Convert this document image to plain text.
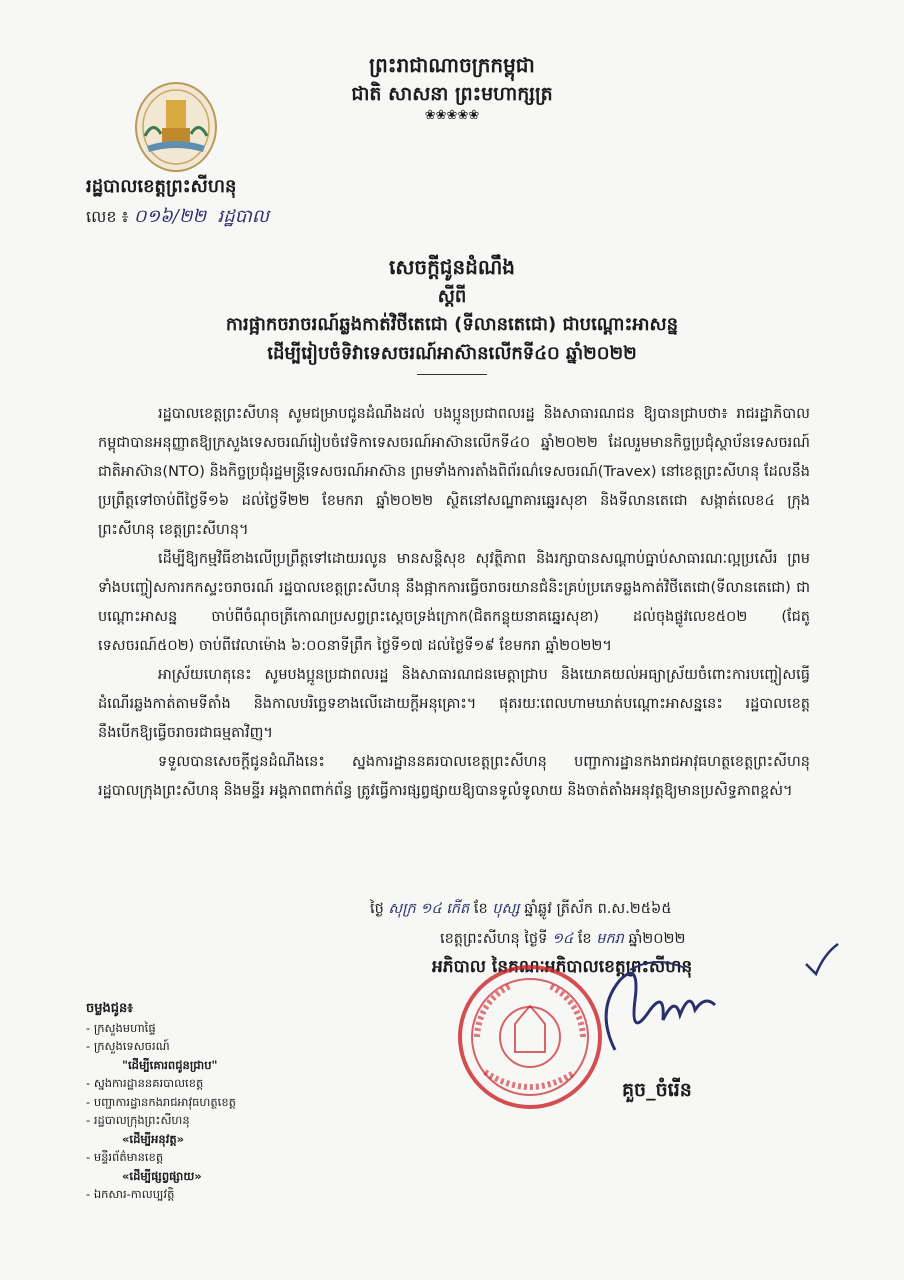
ព្រះរាជាណាចក្រកម្ពុជា
ជាតិ សាសនា ព្រះមហាក្សត្រ
❀❀❀❀❀
រដ្ឋបាលខេត្តព្រះសីហនុ
លេខ ៖ ០១៦/២២ ​ រដ្ឋបាល
សេចក្តីជូនដំណឹង
ស្តីពី
ការផ្អាកចរាចរណ៍ឆ្លងកាត់វិថីតេជោ (ទីលានតេជោ) ជាបណ្តោះអាសន្ន
ដើម្បីរៀបចំទិវាទេសចរណ៍អាស៊ានលើកទី៤០ ឆ្នាំ២០២២

រដ្ឋបាលខេត្តព្រះសីហនុ សូមជម្រាបជូនដំណឹងដល់ បងប្អូនប្រជាពលរដ្ឋ និងសាធារណជន ឱ្យបានជ្រាបថា៖ រាជរដ្ឋាភិបាលកម្ពុជាបានអនុញ្ញាតឱ្យក្រសួងទេសចរណ៍រៀបចំវេទិកាទេសចរណ៍អាស៊ានលើកទី៤០ ឆ្នាំ២០២២ ដែលរួមមានកិច្ចប្រជុំស្ថាប័នទេសចរណ៍ជាតិអាស៊ាន(NTO) និងកិច្ចប្រជុំរដ្ឋមន្ត្រីទេសចរណ៍អាស៊ាន ព្រមទាំងការតាំងពិព័រណ៌ទេសចរណ៍(Travex) នៅខេត្តព្រះសីហនុ ដែលនឹងប្រព្រឹត្តទៅចាប់ពីថ្ងៃទី១៦ ដល់ថ្ងៃទី២២ ខែមករា ឆ្នាំ២០២២ ស្ថិតនៅសណ្ឋាគារឆ្នេរសុខា និងទីលានតេជោ សង្កាត់លេខ៤ ក្រុងព្រះសីហនុ ខេត្តព្រះសីហនុ។

ដើម្បីឱ្យកម្មវិធីខាងលើប្រព្រឹត្តទៅដោយរលូន មានសន្តិសុខ សុវត្ថិភាព និងរក្សាបានសណ្តាប់ធ្នាប់សាធារណៈល្អប្រសើរ ព្រមទាំងបញ្ចៀសការកកស្ទះចរាចរណ៍ រដ្ឋបាលខេត្តព្រះសីហនុ នឹងផ្អាកការធ្វើចរាចរយានជំនិះគ្រប់ប្រភេទឆ្លងកាត់វិថីតេជោ(ទីលានតេជោ) ជាបណ្តោះអាសន្ន ចាប់ពីចំណុចត្រីកោណប្រសព្វព្រះស្តេចទ្រង់ក្រោក(ជិតកន្លុយនាគឆ្នេរសុខា) ដល់ចុងផ្លូវលេខ៥០២ (ជែតូទេសចរណ៍៥០២) ចាប់ពីវេលាម៉ោង ៦:០០នាទីព្រឹក ថ្ងៃទី១៧ ដល់ថ្ងៃទី១៩ ខែមករា ឆ្នាំ២០២២។

អាស្រ័យហេតុនេះ សូមបងប្អូនប្រជាពលរដ្ឋ និងសាធារណជនមេត្តាជ្រាប និងយោគយល់អធ្យាស្រ័យចំពោះការបញ្ចៀសធ្វើដំណើរឆ្លងកាត់តាមទីតាំង និងកាលបរិច្ឆេទខាងលើដោយក្តីអនុគ្រោះ។ ផុតរយៈពេលហាមឃាត់បណ្តោះអាសន្ននេះ រដ្ឋបាលខេត្តនឹងបើកឱ្យធ្វើចរាចរជាធម្មតាវិញ។

ទទួលបានសេចក្តីជូនដំណឹងនេះ ស្នងការដ្ឋាននគរបាលខេត្តព្រះសីហនុ បញ្ជាការដ្ឋានកងរាជអាវុធហត្ថខេត្តព្រះសីហនុ រដ្ឋបាលក្រុងព្រះសីហនុ និងមន្ទីរ អង្គភាពពាក់ព័ន្ធ ត្រូវធ្វើការផ្សព្វផ្សាយឱ្យបានទូលំទូលាយ និងចាត់តាំងអនុវត្តឱ្យមានប្រសិទ្ធភាពខ្ពស់។

ថ្ងៃ សុក្រ ១៤ កើត ខែ បុស្ស ឆ្នាំឆ្លូវ ត្រីស័ក ព.ស.២៥៦៥
ខេត្តព្រះសីហនុ ថ្ងៃទី ១៤ ខែ មករា ឆ្នាំ២០២២
អភិបាល នៃគណៈអភិបាលខេត្តព្រះសីហនុ
គួច_ចំរើន
ចម្លងជូន៖
- ក្រសួងមហាផ្ទៃ
- ក្រសួងទេសចរណ៍
"ដើម្បីគោរពជូនជ្រាប"
- ស្នងការដ្ឋាននគរបាលខេត្ត
- បញ្ជាការដ្ឋានកងរាជអាវុធហត្ថខេត្ត
- រដ្ឋបាលក្រុងព្រះសីហនុ
«ដើម្បីអនុវត្ត»
- មន្ទីរព័ត៌មានខេត្ត
«ដើម្បីផ្សព្វផ្សាយ»
- ឯកសារ-កាលប្បវត្តិ
